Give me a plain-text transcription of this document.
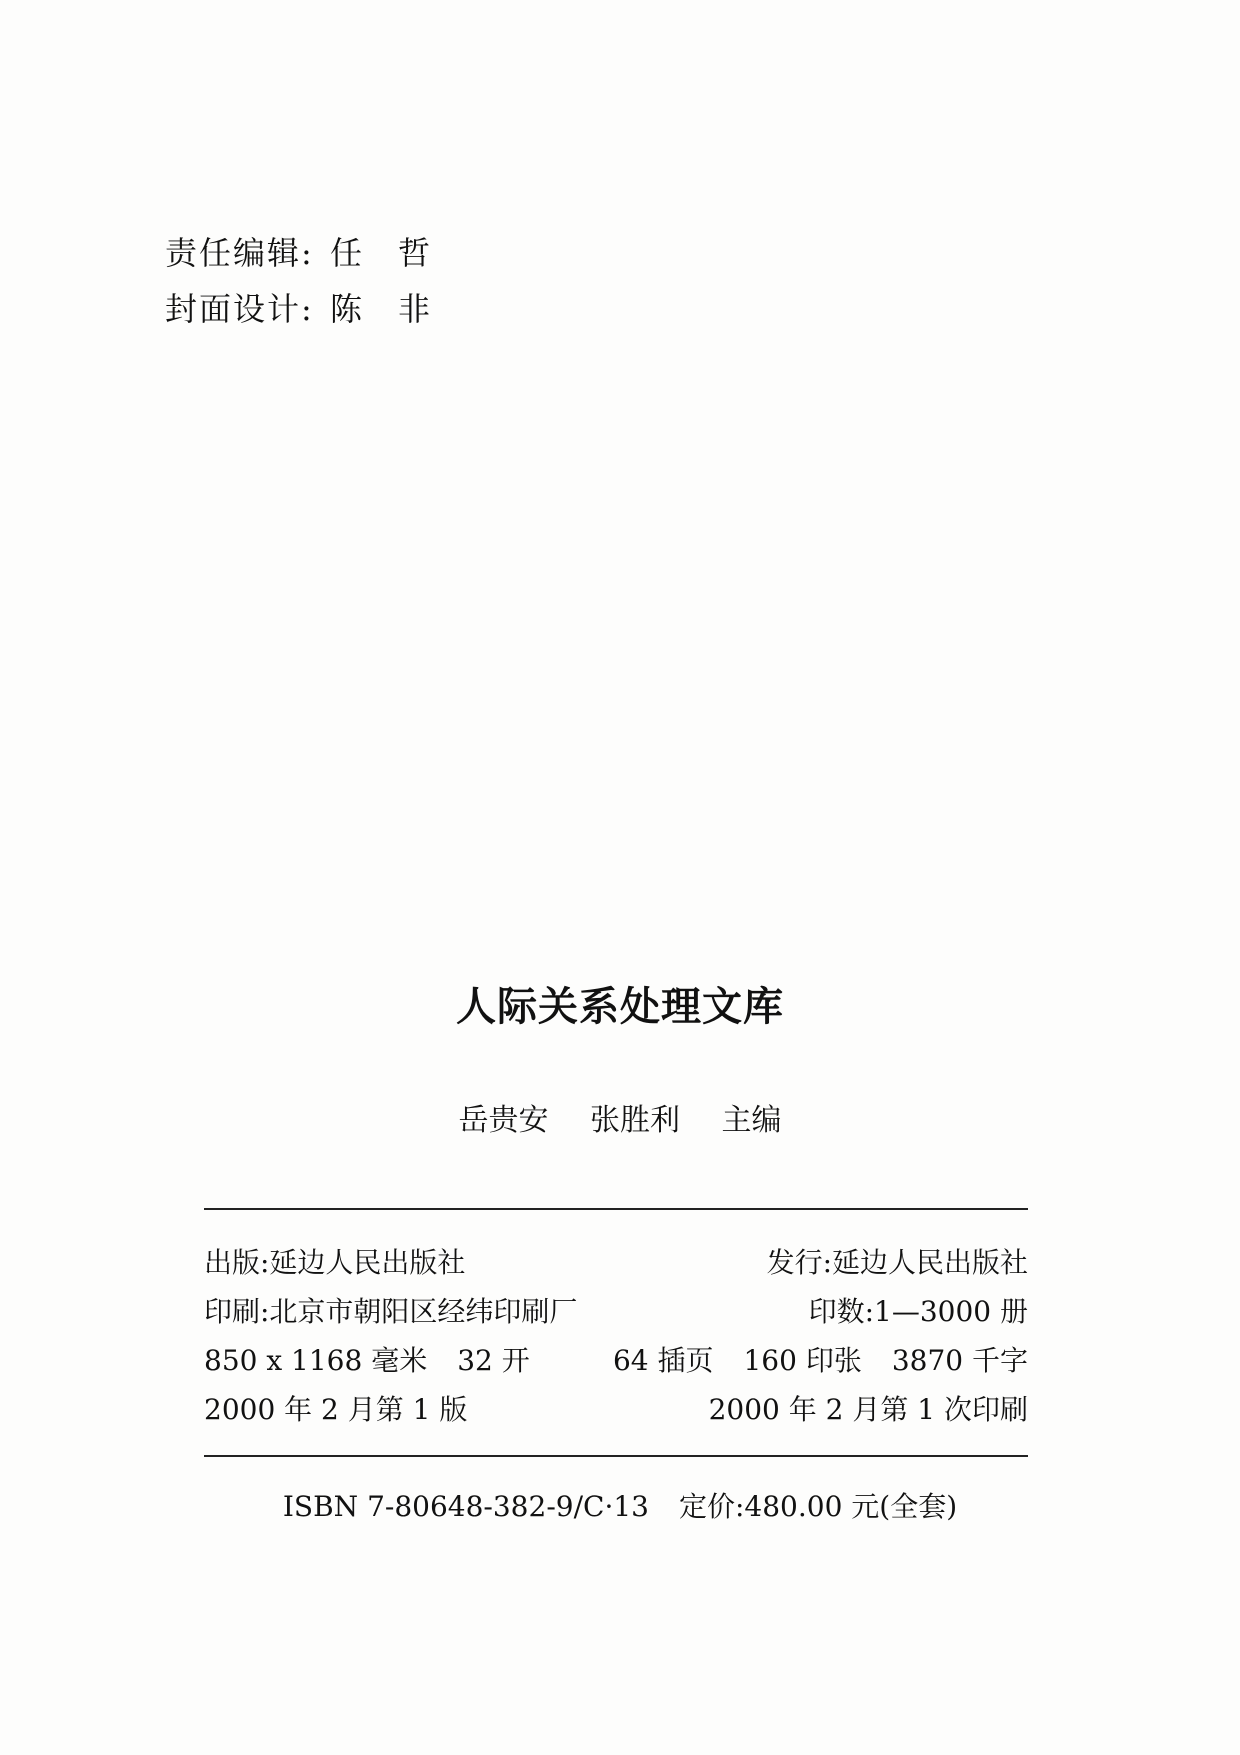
责任编辑: 任哲
封面设计: 陈非
人际关系处理文库
岳贵安 张胜利 主编
出版:延边人民出版社	发行:延边人民出版社
印刷:北京市朝阳区经纬印刷厂	印数:1—3000 册
850 x 1168 毫米 32 开	64 插页 160 印张 3870 千字
2000 年 2 月第 1 版	2000 年 2 月第 1 次印刷
ISBN 7-80648-382-9/C·13 定价:480.00 元(全套)
